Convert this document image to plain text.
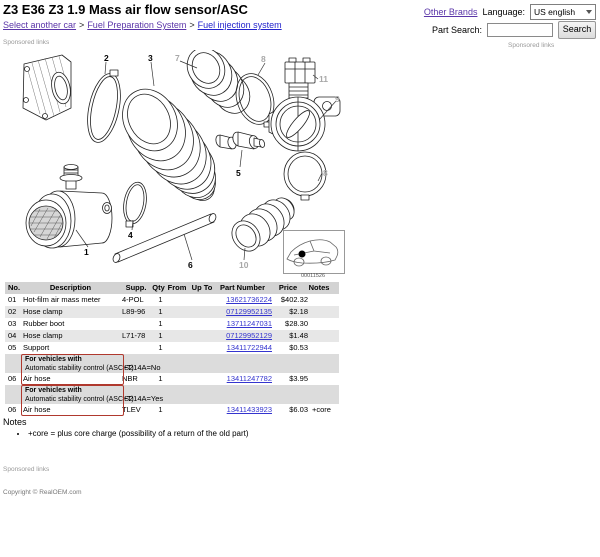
Z3 E36 Z3 1.9 Mass air flow sensor/ASC
Select another car > Fuel Preparation System > Fuel injection system
Other Brands Language: US english
Part Search:	Search
Sponsored links	Sponsored links
2	3	7	8
11
9
5	8
4
1
6	10
00011526
No.	Description	Supp. Qty From Up To	Part Number	Price	Notes
01 Hot-film air mass meter	4-POL	1	13621736224	$402.32
02 Hose clamp	L89-96	1	07129952135	$2.18
03 Rubber boot	1	13711247031	$28.30
04 Hose clamp	L71-78	1	07129952129	$1.48
05 Support	1	13411722944	$0.53
For vehicles with
Automatic stability control (ASC+T)
S214A=No
06 Air hose	NBR	1	13411247782	$3.95
For vehicles with
Automatic stability control (ASC+T)
S214A=Yes
06 Air hose	TLEV	1	13411433923	$6.03 +core
Notes
• +core = plus core charge (possibility of a return of the old part)
Sponsored links
Copyright © RealOEM.com
